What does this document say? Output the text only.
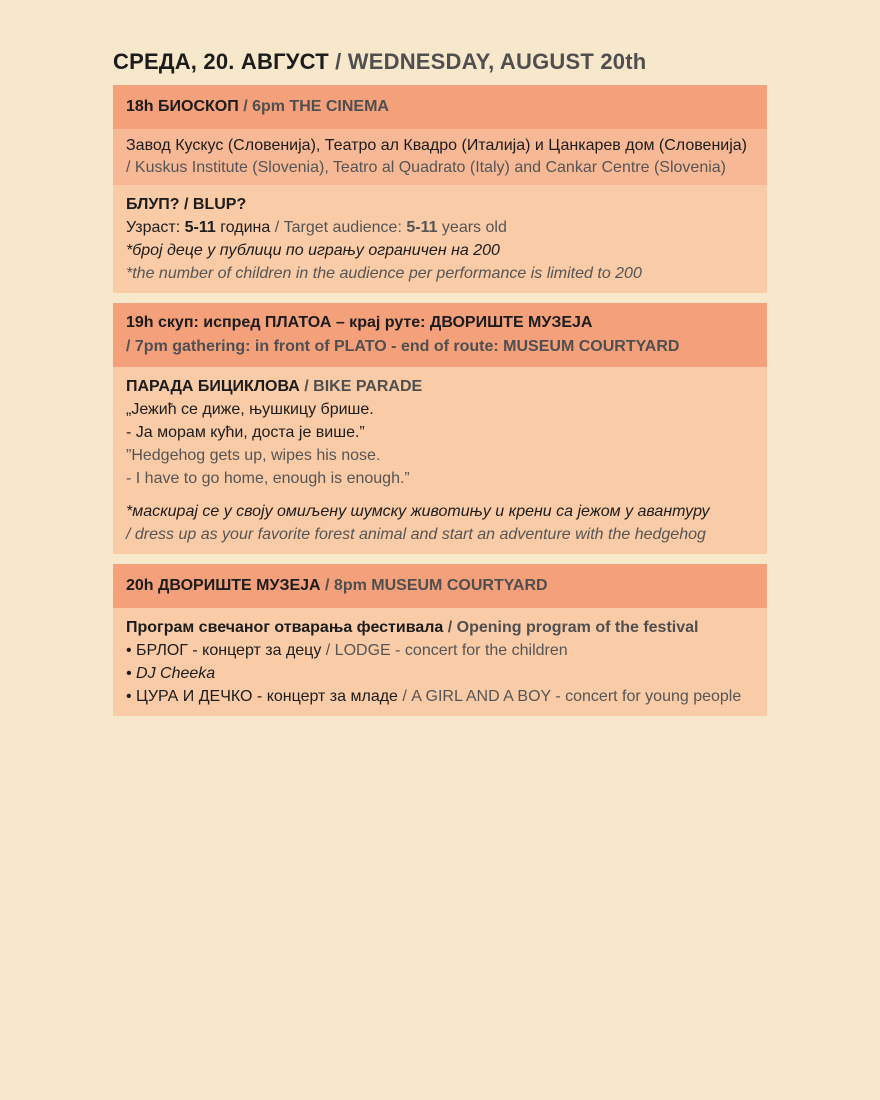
СРЕДА, 20. АВГУСТ / WEDNESDAY, AUGUST 20th
18h БИОСКОП / 6pm THE CINEMA
Завод Кускус (Словенија), Театро ал Квадро (Италија) и Цанкарев дом (Словенија) / Kuskus Institute (Slovenia), Teatro al Quadrato (Italy) and Cankar Centre (Slovenia)
БЛУП? / BLUP?
Узраст: 5-11 година / Target audience: 5-11 years old
*број деце у публици по игрању ограничен на 200
*the number of children in the audience per performance is limited to 200
19h скуп: испред ПЛАТОА – крај руте: ДВОРИШТЕ МУЗЕЈА
/ 7pm gathering: in front of PLATO - end of route: MUSEUM COURTYARD
ПАРАДА БИЦИКЛОВА / BIKE PARADE
„Јежић се диже, њушкицу брише.
- Ја морам кући, доста је више.”
”Hedgehog gets up, wipes his nose.
- I have to go home, enough is enough.”
*маскирај се у своју омиљену шумску животињу и крени са јежом у авантуру
/ dress up as your favorite forest animal and start an adventure with the hedgehog
20h ДВОРИШТЕ МУЗЕЈА / 8pm MUSEUM COURTYARD
Програм свечаног отварања фестивала / Opening program of the festival
• БРЛОГ - концерт за децу / LODGE - concert for the children
• DJ Cheeka
• ЦУРА И ДЕЧКО - концерт за младе / A GIRL AND A BOY - concert for young people
